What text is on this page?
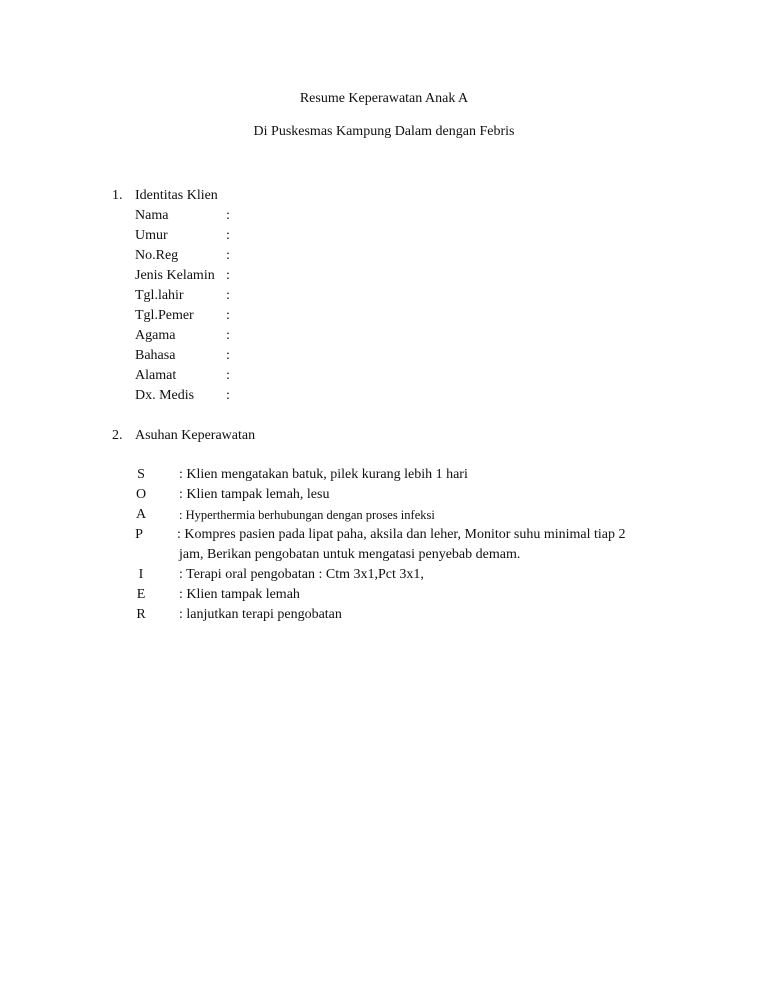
Resume Keperawatan Anak A
Di Puskesmas Kampung Dalam dengan Febris
1. Identitas Klien
Nama	:
Umur	:
No.Reg	:
Jenis Kelamin :
Tgl.lahir	:
Tgl.Pemer :
Agama	:
Bahasa	:
Alamat	:
Dx. Medis :
2. Asuhan Keperawatan
S : Klien mengatakan batuk, pilek kurang lebih 1 hari
O : Klien tampak lemah, lesu
A	: Hyperthermia berhubungan dengan proses infeksi
P : Kompres pasien pada lipat paha, aksila dan leher, Monitor suhu minimal tiap 2
jam, Berikan pengobatan untuk mengatasi penyebab demam.
I	: Terapi oral pengobatan : Ctm 3x1,Pct 3x1,
E : Klien tampak lemah
R : lanjutkan terapi pengobatan
